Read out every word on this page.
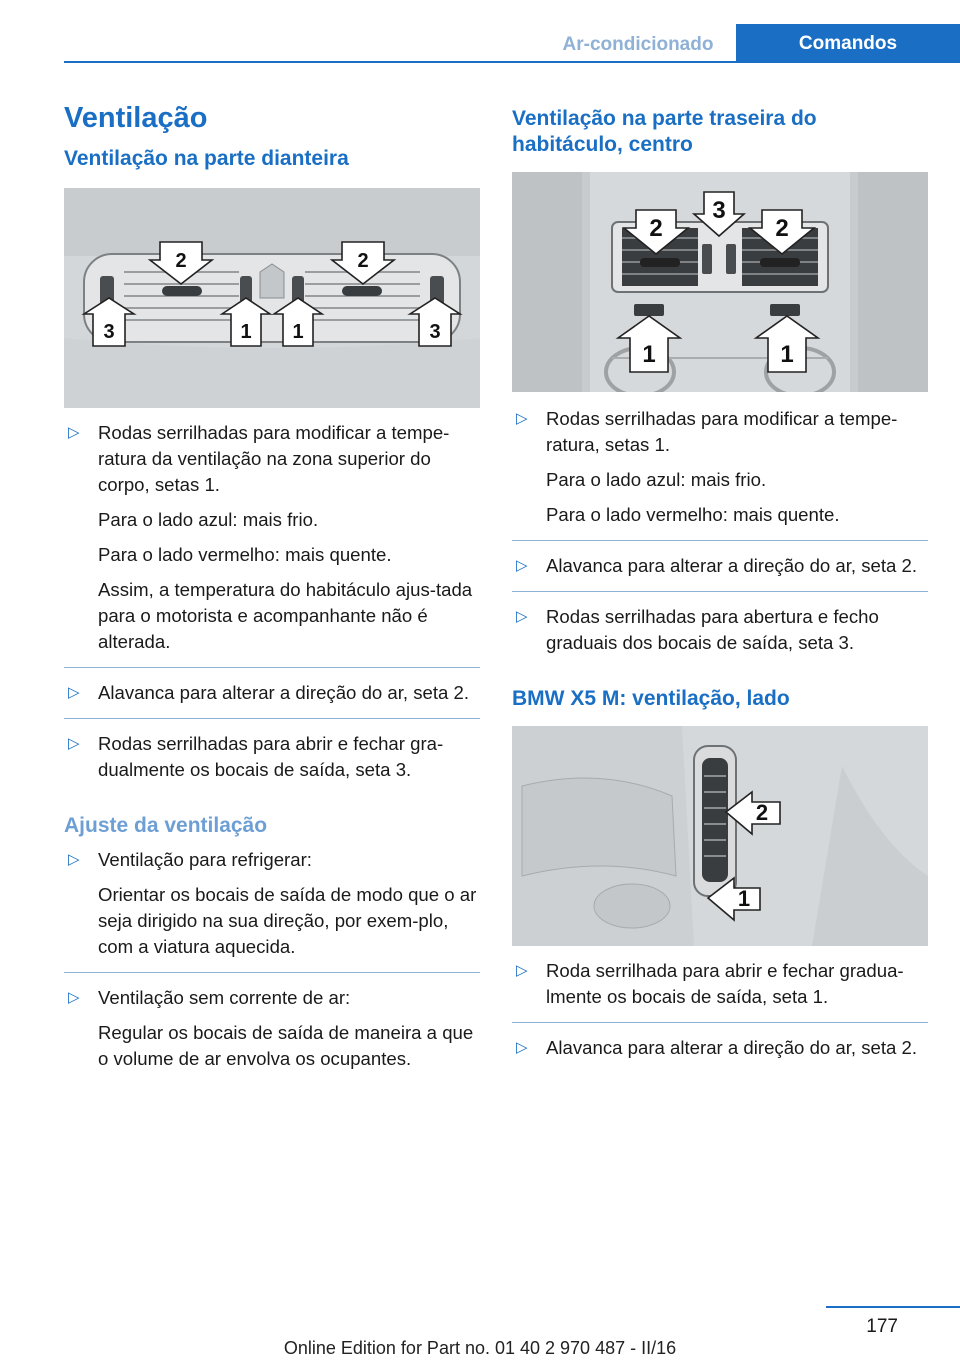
Ar-condicionado	Comandos
Ventilação
Ventilação na parte dianteira
2	2
3	1 1	3
▷ Rodas serrilhadas para modificar a tempe-ratura da ventilação na zona superior do corpo, setas 1.

Para o lado azul: mais frio.

Para o lado vermelho: mais quente.

Assim, a temperatura do habitáculo ajus-tada para o motorista e acompanhante não é alterada.

▷ Alavanca para alterar a direção do ar, seta 2.

▷ Rodas serrilhadas para abrir e fechar gra-dualmente os bocais de saída, seta 3.

Ajuste da ventilação
▷ Ventilação para refrigerar:

Orientar os bocais de saída de modo que o ar seja dirigido na sua direção, por exem-plo, com a viatura aquecida.

▷ Ventilação sem corrente de ar:

Regular os bocais de saída de maneira a que o volume de ar envolva os ocupantes.

Ventilação na parte traseira do habitáculo, centro
2
3
2
1	1
▷ Rodas serrilhadas para modificar a tempe-ratura, setas 1.

Para o lado azul: mais frio.

Para o lado vermelho: mais quente.

▷ Alavanca para alterar a direção do ar, seta 2.

▷ Rodas serrilhadas para abertura e fecho graduais dos bocais de saída, seta 3.

BMW X5 M: ventilação, lado
2
1
▷ Roda serrilhada para abrir e fechar gradua-lmente os bocais de saída, seta 1.

▷ Alavanca para alterar a direção do ar, seta 2.

177
Online Edition for Part no. 01 40 2 970 487 - II/16
